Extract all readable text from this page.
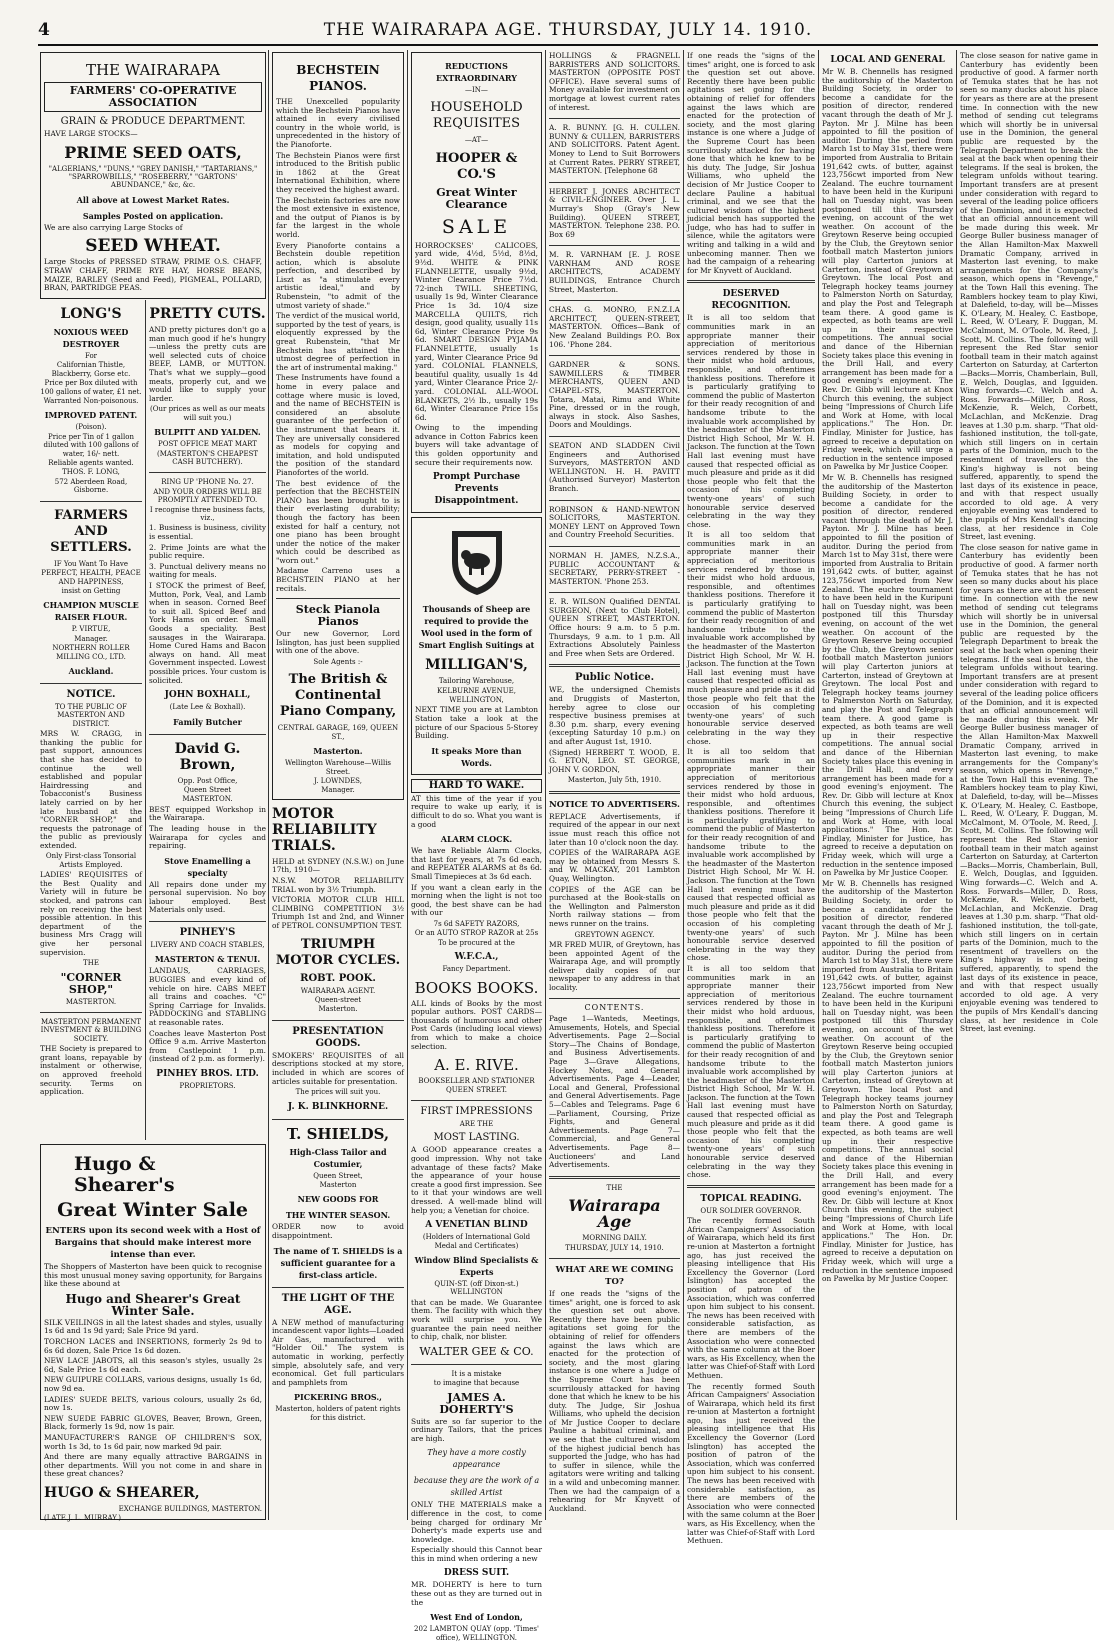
4	THE WAIRARAPA AGE. THURSDAY, JULY 14. 1910.
THE WAIRARAPA
FARMERS' CO-OPERATIVE ASSOCIATION
GRAIN & PRODUCE DEPARTMENT.
HAVE LARGE STOCKS—
PRIME SEED OATS,
"ALGERIANS," "DUNS," "GREY DANISH," "TARTARIANS," "SPARROWBILLS," "ROSEBERRY," "GARTONS' ABUNDANCE," &c, &c.
All above at Lowest Market Rates.
Samples Posted on application.
We are also carrying Large Stocks of
SEED WHEAT.
Large Stocks of PRESSED STRAW, PRIME O.S. CHAFF, STRAW CHAFF, PRIME RYE HAY, HORSE BEANS, MAIZE, BARLEY (Seed and Feed), PIGMEAL, POLLARD, BRAN, PARTRIDGE PEAS.
LONG'S
NOXIOUS WEED DESTROYER
For
Californian Thistle, Blackberry, Gorse etc.
Price per Box diluted with 100 gallons of water, £1 net.
Warranted Non-poisonous.
IMPROVED PATENT.
(Poison).
Price per Tin of 1 gallon diluted with 100 gallons of water, 16/- nett.
Reliable agents wanted.
THOS. F. LONG,
572 Aberdeen Road, Gisborne.
FARMERS AND SETTLERS.
IF You Want To Have
PERFECT, HEALTH, PEACE AND HAPPINESS,
insist on Getting
CHAMPION MUSCLE RAISER FLOUR.
P. VIRTUE,
Manager.
NORTHERN ROLLER MILLING CO., LTD.
Auckland.
NOTICE.
TO THE PUBLIC OF MASTERTON AND DISTRICT.
MRS W. CRAGG, in thanking the public for past support, announces that she has decided to continue the well established and popular Hairdressing and Tobacconist's Business lately carried on by her late husband at the "CORNER SHOP," and requests the patronage of the public as previously extended.
Only First-class Tonsorial Artists Employed.
LADIES' REQUISITES of the Best Quality and Variety will in future be stocked, and patrons can rely on receiving the best possible attention. In this department of the business Mrs Cragg will give her personal supervision.
THE
"CORNER SHOP,"
MASTERTON.
MASTERTON PERMANENT INVESTMENT & BUILDING SOCIETY.
THE Society is prepared to grant loans, repayable by instalment or otherwise, on approved freehold security. Terms on application.
PRETTY CUTS.
AND pretty pictures don't go a man much good if he's hungry—unless the pretty cuts are well selected cuts of choice BEEF, LAMB, or MUTTON. That's what we supply—good meats, properly cut, and we would like to supply your larder.
(Our prices as well as our meats will suit you.)
BULPITT AND YALDEN.
POST OFFICE MEAT MART
(MASTERTON'S CHEAPEST CASH BUTCHERY).
RING UP 'PHONE No. 27.
AND YOUR ORDERS WILL BE PROMPTLY ATTENDED TO.
I recognise three business facts, viz.,
1. Business is business, civility is essential.
2. Prime Joints are what the public require.
3. Punctual delivery means no waiting for meals.
I STOCK the primest of Beef, Mutton, Pork, Veal, and Lamb when in season. Corned Beef to suit all. Spiced Beef and York Hams on order. Small Goods a speciality. Best sausages in the Wairarapa. Home Cured Hams and Bacon always on hand. All meat Government inspected. Lowest possible prices. Your custom is solicited.
JOHN BOXHALL,
(Late Lee & Boxhall).
Family Butcher
David G. Brown,
Opp. Post Office,
Queen Street
MASTERTON.
BEST equipped Workshop in the Wairarapa.
The leading house in the Wairarapa for cycles and repairing.
Stove Enamelling a specialty
All repairs done under my personal supervision. No boy labour employed. Best Materials only used.
PINHEY'S
LIVERY AND COACH STABLES,
MASTERTON & TENUI.
LANDAUS, CARRIAGES, BUGGIES and every kind of vehicle on hire. CABS MEET all trains and coaches. "C" Spring Carriage for Invalids. PADDOCKING and STABLING at reasonable rates.
Coaches leave Masterton Post Office 9 a.m. Arrive Masterton from Castlepoint 1 p.m. (instead of 2 p.m. as formerly).
PINHEY BROS. LTD.
PROPRIETORS.
Hugo & Shearer's
Great Winter Sale
ENTERS upon its second week with a Host of Bargains that should make interest more intense than ever.
The Shoppers of Masterton have been quick to recognise this most unusual money saving opportunity, for Bargains like these abound at
Hugo and Shearer's Great Winter Sale.
SILK VEILINGS in all the latest shades and styles, usually 1s 6d and 1s 9d yard; Sale Price 9d yard.
TORCHON LACES and INSERTIONS, formerly 2s 9d to 6s 6d dozen, Sale Price 1s 6d dozen.
NEW LACE JABOTS, all this season's styles, usually 2s 6d, Sale Price 1s 6d each.
NEW GUIPURE COLLARS, various designs, usually 1s 6d, now 9d ea.
LADIES' SUEDE BELTS, various colours, usually 2s 6d, now 1s.
NEW SUEDE FABRIC GLOVES, Beaver, Brown, Green, Black, formerly 1s 9d, now 1s pair.
MANUFACTURER'S RANGE OF CHILDREN'S SOX, worth 1s 3d, to 1s 6d pair, now marked 9d pair.
And there are many equally attractive BARGAINS in other departments. Will you not come in and share in these great chances?
HUGO & SHEARER,
EXCHANGE BUILDINGS, MASTERTON.
(LATE J. L. MURRAY.)
BECHSTEIN PIANOS.
THE Unexcelled popularity which the Bechstein Pianos have attained in every civilised country in the whole world, is unprecedented in the history of the Pianoforte.
The Bechstein Pianos were first introduced to the British public in 1862 at the Great International Exhibition, where they received the highest award.
The Bechstein factories are now the most extensive in existence, and the output of Pianos is by far the largest in the whole world.
Every Pianoforte contains a Bechstein double repetition action, which is absolute perfection, and described by Liszt as "a stimulate every artistic ideal," and by Rubenstein, "to admit of the utmost variety of shade."
The verdict of the musical world, supported by the test of years, is eloquently expressed by the great Rubenstein, "that Mr Bechstein has attained the utmost degree of perfection in the art of instrumental making."
These Instruments have found a home in every palace and cottage where music is loved, and the name of BECHSTEIN is considered an absolute guarantee of the perfection of the instrument that bears it. They are universally considered as models for copying and imitation, and hold undisputed the position of the standard Pianofortes of the world.
The best evidence of the perfection that the BECHSTEIN PIANO has been brought to is their everlasting durability; though the factory has been existed for half a century, not one piano has been brought under the notice of the maker which could be described as "worn out."
Madame Carreno uses a BECHSTEIN PIANO at her recitals.
Steck Pianola Pianos
Our new Governor, Lord Islington, has just been supplied with one of the above.
Sole Agents :-
The British & Continental Piano Company,
CENTRAL GARAGE, 169, QUEEN ST.,
Masterton.
Wellington Warehouse—Willis Street.
J. LOWNDES,
Manager.
MOTOR RELIABILITY TRIALS.
HELD at SYDNEY (N.S.W.) on June 17th, 1910—
N.S.W. MOTOR RELIABILITY TRIAL won by 3½ Triumph.
VICTORIA MOTOR CLUB HILL CLIMBING COMPETITION 3½ Triumph 1st and 2nd, and Winner of PETROL CONSUMPTION TEST.
TRIUMPH MOTOR CYCLES.
ROBT. POOK.
WAIRARAPA AGENT.
Queen-street
Masterton.
PRESENTATION GOODS.
SMOKERS' REQUISITES of all descriptions stocked at my store, included in which are scores of articles suitable for presentation.
The prices will suit you.
J. K. BLINKHORNE.
T. SHIELDS,
High-Class Tailor and Costumier,
Queen Street,
Masterton
NEW GOODS FOR
THE WINTER SEASON.
ORDER now to avoid disappointment.
The name of T. SHIELDS is a sufficient guarantee for a first-class article.
THE LIGHT OF THE AGE.
A NEW method of manufacturing incandescent vapor lights—Loaded Air Gas, manufactured with "Holder Oil." The system is automatic in working, perfectly simple, absolutely safe, and very economical. Get full particulars and pamphlets from
PICKERING BROS.,
Masterton, holders of patent rights for this district.
REDUCTIONS EXTRAORDINARY
—IN—
HOUSEHOLD REQUISITES
—AT—
HOOPER & CO.'S
Great Winter Clearance
SALE
HORROCKSES' CALICOES, yard wide, 4½d, 5½d, 8½d, 9½d. WHITE & PINK FLANNELETTE, usually 9½d, Winter Clearance Price 7½d. 72-inch TWILL SHEETING, usually 1s 9d, Winter Clearance Price 1s 3d. 10/4 size MARCELLA QUILTS, rich design, good quality, usually 11s 6d, Winter Clearance Price 9s 6d. SMART DESIGN PYJAMA FLANNELETTE, usually 1s yard, Winter Clearance Price 9d yard. COLONIAL FLANNELS, beautiful quality, usually 1s 4d yard, Winter Clearance Price 2/- yard. COLONIAL ALL-WOOL BLANKETS, 2½ lb., usually 19s 6d, Winter Clearance Price 15s 6d.
Owing to the impending advance in Cotton Fabrics keen buyers will take advantage of this golden opportunity and secure their requirements now.
Prompt Purchase Prevents Disappointment.
Thousands of Sheep are required to provide the Wool used in the form of Smart English Suitings at
MILLIGAN'S,
Tailoring Warehouse,
KELBURNE AVENUE,
WELLINGTON,
NEXT TIME you are at Lambton Station take a look at the picture of our Spacious 5-Storey Building.
It speaks More than Words.
HARD TO WAKE.
AT this time of the year if you require to wake up early, it is difficult to do so. What you want is a good
ALARM CLOCK.
We have Reliable Alarm Clocks, that last for years, at 7s 6d each, and REPEATER ALARMS at 8s 6d. Small Timepieces at 3s 6d each.
If you want a clean early in the morning when the light is not too good, the best shave can be had with our
7s 6d SAFETY RAZORS,
Or an AUTO STROP RAZOR at 25s
To be procured at the
W.F.C.A.,
Fancy Department.
BOOKS BOOKS.
ALL kinds of Books by the most popular authors. POST CARDS—thousands of humorous and other Post Cards (including local views) from which to make a choice selection.
A. E. RIVE.
BOOKSELLER AND STATIONER QUEEN STREET.
FIRST IMPRESSIONS
ARE THE
MOST LASTING.
A GOOD appearance creates a good impression. Why not take advantage of these facts? Make the appearance of your house create a good first impression. See to it that your windows are well dressed. A well-made blind will help you; a Venetian for choice.
A VENETIAN BLIND
(Holders of International Gold Medal and Certificates)
Window Blind Specialists & Experts
QUIN-ST. (off Dixon-st.) WELLINGTON
that can be made. We Guarantee them. The facility with which they work will surprise you. We guarantee the pain need neither to chip, chalk, nor blister.
WALTER GEE & CO.
It is a mistake
to imagine that because
JAMES A. DOHERTY'S
Suits are so far superior to the ordinary Tailors, that the prices are high.
They have a more costly appearance
because they are the work of a skilled Artist
ONLY THE MATERIALS make a difference in the cost, to come being charged for ordinary Mr Doherty's made experts use and knowledge.
Especially should this Cannot bear this in mind when ordering a new
DRESS SUIT.
MR. DOHERTY is here to turn these out as they are turned out in the
West End of London,
202 LAMBTON QUAY (opp. 'Times' office), WELLINGTON.
HOLLINGS & FRAGNELL BARRISTERS AND SOLICITORS. MASTERTON (OPPOSITE POST OFFICE). Have several sums of Money available for investment on mortgage at lowest current rates of interest.
A. R. BUNNY. [G. H. CULLEN. BUNNY & CULLEN, BARRISTERS AND SOLICITORS. Patent Agent. Money to Lend to Suit Borrowers at Current Rates. PERRY STREET, MASTERTON. [Telephone 68
HERBERT J. JONES ARCHITECT & CIVIL-ENGINEER. Over J. L. Murray's Shop (Gray's New Building). QUEEN STREET, MASTERTON. Telephone 238. P.O. Box 69
M. R. VARNHAM [E. J. ROSE VARNHAM AND ROSE ARCHITECTS, ACADEMY BUILDINGS, Entrance Church Street, Masterton.
CHAS. G. MONRO, F.N.Z.I.A ARCHITECT, QUEEN-STREET, MASTERTON. Offices—Bank of New Zealand Buildings P.O. Box 106. 'Phone 284.
GARDNER & SONS. SAWMILLERS & TIMBER MERCHANTS, QUEEN AND CHAPEL-STS, MASTERTON. Totara, Matai, Rimu and White Pine, dressed or in the rough, always in stock. Also Sashes, Doors and Mouldings.
SEATON AND SLADDEN Civil Engineers and Authorised Surveyors, MASTERTON AND WELLINGTON. H. H. PAVITT (Authorised Surveyor) Masterton Branch.
ROBINSON & HAND-NEWTON SOLICITORS, MASTERTON. MONEY LENT on Approved Town and Country Freehold Securities.
NORMAN H. JAMES, N.Z.S.A., PUBLIC ACCOUNTANT & SECRETARY, PERRY-STREET - MASTERTON. 'Phone 253.
E. R. WILSON Qualified DENTAL SURGEON, (Next to Club Hotel), QUEEN STREET, MASTERTON. Office hours: 9 a.m. to 5 p.m. Thursdays, 9 a.m. to 1 p.m. All Extractions Absolutely Painless and Free when Sets are Ordered.
Public Notice.
WE, the undersigned Chemists and Druggists of Masterton, hereby agree to close our respective business premises at 8.30 p.m. sharp, every evening (excepting Saturday 10 p.m.) on and after August 1st, 1910.
(Signed) HERBERT T. WOOD, E. G. ETON, LEO. ST. GEORGE, JOHN V. GORDON,
Masterton, July 5th, 1910.
NOTICE TO ADVERTISERS.
REPLACE Advertisements, if required of the appear in our next issue must reach this office not later than 10 o'clock noon the day.
COPIES of the WAIRARAPA AGE may be obtained from Messrs S. and W. MACKAY, 201 Lambton Quay, Wellington.
COPIES of the AGE can be purchased at the Book-stalls on the Wellington and Palmerston North railway stations — from news runner on the trains.
GREYTOWN AGENCY.
MR FRED MUIR, of Greytown, has been appointed Agent of the Wairarapa Age, and will promptly deliver daily copies of our newspaper to any address in that locality.
CONTENTS.
Page 1—Wanteds, Meetings, Amusements, Hotels, and Special Advertisements. Page 2—Social Story—The Chains of Bondage, and Business Advertisements. Page 3—Grave Allegations, Hockey Notes, and General Advertisements. Page 4—Leader, Local and General, Professional and General Advertisements. Page 5—Cables and Telegrams. Page 6—Parliament, Coursing, Prize Fights, and General Advertisements. Page 7—Commercial, and General Advertisements. Page 8—Auctioneers' and Land Advertisements.
THE
Wairarapa Age
MORNING DAILY.
THURSDAY, JULY 14, 1910.
WHAT ARE WE COMING TO?
If one reads the "signs of the times" aright, one is forced to ask the question set out above. Recently there have been public agitations set going for the obtaining of relief for offenders against the laws which are enacted for the protection of society, and the most glaring instance is one where a Judge of the Supreme Court has been scurrilously attacked for having done that which he knew to be his duty. The Judge, Sir Joshua Williams, who upheld the decision of Mr Justice Cooper to declare Pauline a habitual criminal, and we see that the cultured wisdom of the highest judicial bench has supported the Judge, who has had to suffer in silence, while the agitators were writing and talking in a wild and unbecoming manner. Then we had the campaign of a rehearing for Mr Knyvett of Auckland.
If one reads the "signs of the times" aright, one is forced to ask the question set out above. Recently there have been public agitations set going for the obtaining of relief for offenders against the laws which are enacted for the protection of society, and the most glaring instance is one where a Judge of the Supreme Court has been scurrilously attacked for having done that which he knew to be his duty. The Judge, Sir Joshua Williams, who upheld the decision of Mr Justice Cooper to declare Pauline a habitual criminal, and we see that the cultured wisdom of the highest judicial bench has supported the Judge, who has had to suffer in silence, while the agitators were writing and talking in a wild and unbecoming manner. Then we had the campaign of a rehearing for Mr Knyvett of Auckland.
DESERVED RECOGNITION.
It is all too seldom that communities mark in an appropriate manner their appreciation of meritorious services rendered by those in their midst who hold arduous, responsible, and oftentimes thankless positions. Therefore it is particularly gratifying to commend the public of Masterton for their ready recognition of and handsome tribute to the invaluable work accomplished by the headmaster of the Masterton District High School, Mr W. H. Jackson. The function at the Town Hall last evening must have caused that respected official as much pleasure and pride as it did those people who felt that the occasion of his completing twenty-one years' of such honourable service deserved celebrating in the way they chose.
It is all too seldom that communities mark in an appropriate manner their appreciation of meritorious services rendered by those in their midst who hold arduous, responsible, and oftentimes thankless positions. Therefore it is particularly gratifying to commend the public of Masterton for their ready recognition of and handsome tribute to the invaluable work accomplished by the headmaster of the Masterton District High School, Mr W. H. Jackson. The function at the Town Hall last evening must have caused that respected official as much pleasure and pride as it did those people who felt that the occasion of his completing twenty-one years' of such honourable service deserved celebrating in the way they chose.
It is all too seldom that communities mark in an appropriate manner their appreciation of meritorious services rendered by those in their midst who hold arduous, responsible, and oftentimes thankless positions. Therefore it is particularly gratifying to commend the public of Masterton for their ready recognition of and handsome tribute to the invaluable work accomplished by the headmaster of the Masterton District High School, Mr W. H. Jackson. The function at the Town Hall last evening must have caused that respected official as much pleasure and pride as it did those people who felt that the occasion of his completing twenty-one years' of such honourable service deserved celebrating in the way they chose.
It is all too seldom that communities mark in an appropriate manner their appreciation of meritorious services rendered by those in their midst who hold arduous, responsible, and oftentimes thankless positions. Therefore it is particularly gratifying to commend the public of Masterton for their ready recognition of and handsome tribute to the invaluable work accomplished by the headmaster of the Masterton District High School, Mr W. H. Jackson. The function at the Town Hall last evening must have caused that respected official as much pleasure and pride as it did those people who felt that the occasion of his completing twenty-one years' of such honourable service deserved celebrating in the way they chose.
TOPICAL READING.
OUR SOLDIER GOVERNOR.
The recently formed South African Campaigners' Association of Wairarapa, which held its first re-union at Masterton a fortnight ago, has just received the pleasing intelligence that His Excellency the Governor (Lord Islington) has accepted the position of patron of the Association, which was conferred upon him subject to his consent. The news has been received with considerable satisfaction, as there are members of the Association who were connected with the same column at the Boer wars, as His Excellency, when the latter was Chief-of-Staff with Lord Methuen.
The recently formed South African Campaigners' Association of Wairarapa, which held its first re-union at Masterton a fortnight ago, has just received the pleasing intelligence that His Excellency the Governor (Lord Islington) has accepted the position of patron of the Association, which was conferred upon him subject to his consent. The news has been received with considerable satisfaction, as there are members of the Association who were connected with the same column at the Boer wars, as His Excellency, when the latter was Chief-of-Staff with Lord Methuen.
LOCAL AND GENERAL
Mr W. B. Chennells has resigned the auditorship of the Masterton Building Society, in order to become a candidate for the position of director, rendered vacant through the death of Mr J. Payton. Mr J. Milne has been appointed to fill the position of auditor. During the period from March 1st to May 31st, there were imported from Australia to Britain 191,642 cwts. of butter, against 123,756cwt imported from New Zealand. The euchre tournament to have been held in the Kuripuni hall on Tuesday night, was been postponed till this Thursday evening, on account of the wet weather. On account of the Greytown Reserve being occupied by the Club, the Greytown senior football match Masterton juniors will play Carterton juniors at Carterton, instead of Greytown at Greytown. The local Post and Telegraph hockey teams journey to Palmerston North on Saturday, and play the Post and Telegraph team there. A good game is expected, as both teams are well up in their respective competitions. The annual social and dance of the Hibernian Society takes place this evening in the Drill Hall, and every arrangement has been made for a good evening's enjoyment. The Rev. Dr. Gibb will lecture at Knox Church this evening, the subject being "Impressions of Church Life and Work at Home, with local applications." The Hon. Dr. Findlay, Minister for Justice, has agreed to receive a deputation on Friday week, which will urge a reduction in the sentence imposed on Pawelka by Mr Justice Cooper.
Mr W. B. Chennells has resigned the auditorship of the Masterton Building Society, in order to become a candidate for the position of director, rendered vacant through the death of Mr J. Payton. Mr J. Milne has been appointed to fill the position of auditor. During the period from March 1st to May 31st, there were imported from Australia to Britain 191,642 cwts. of butter, against 123,756cwt imported from New Zealand. The euchre tournament to have been held in the Kuripuni hall on Tuesday night, was been postponed till this Thursday evening, on account of the wet weather. On account of the Greytown Reserve being occupied by the Club, the Greytown senior football match Masterton juniors will play Carterton juniors at Carterton, instead of Greytown at Greytown. The local Post and Telegraph hockey teams journey to Palmerston North on Saturday, and play the Post and Telegraph team there. A good game is expected, as both teams are well up in their respective competitions. The annual social and dance of the Hibernian Society takes place this evening in the Drill Hall, and every arrangement has been made for a good evening's enjoyment. The Rev. Dr. Gibb will lecture at Knox Church this evening, the subject being "Impressions of Church Life and Work at Home, with local applications." The Hon. Dr. Findlay, Minister for Justice, has agreed to receive a deputation on Friday week, which will urge a reduction in the sentence imposed on Pawelka by Mr Justice Cooper.
Mr W. B. Chennells has resigned the auditorship of the Masterton Building Society, in order to become a candidate for the position of director, rendered vacant through the death of Mr J. Payton. Mr J. Milne has been appointed to fill the position of auditor. During the period from March 1st to May 31st, there were imported from Australia to Britain 191,642 cwts. of butter, against 123,756cwt imported from New Zealand. The euchre tournament to have been held in the Kuripuni hall on Tuesday night, was been postponed till this Thursday evening, on account of the wet weather. On account of the Greytown Reserve being occupied by the Club, the Greytown senior football match Masterton juniors will play Carterton juniors at Carterton, instead of Greytown at Greytown. The local Post and Telegraph hockey teams journey to Palmerston North on Saturday, and play the Post and Telegraph team there. A good game is expected, as both teams are well up in their respective competitions. The annual social and dance of the Hibernian Society takes place this evening in the Drill Hall, and every arrangement has been made for a good evening's enjoyment. The Rev. Dr. Gibb will lecture at Knox Church this evening, the subject being "Impressions of Church Life and Work at Home, with local applications." The Hon. Dr. Findlay, Minister for Justice, has agreed to receive a deputation on Friday week, which will urge a reduction in the sentence imposed on Pawelka by Mr Justice Cooper.
The close season for native game in Canterbury has evidently been productive of good. A farmer north of Temuka states that he has not seen so many ducks about his place for years as there are at the present time. In connection with the new method of sending cut telegrams which will shortly be in universal use in the Dominion, the general public are requested by the Telegraph Department to break the seal at the back when opening their telegrams. If the seal is broken, the telegram unfolds without tearing. Important transfers are at present under consideration with regard to several of the leading police officers of the Dominion, and it is expected that an official announcement will be made during this week. Mr George Buller business manager of the Allan Hamilton-Max Maxwell Dramatic Company, arrived in Masterton last evening, to make arrangements for the Company's season, which opens in "Revenge," at the Town Hall this evening. The Ramblers hockey team to play Kiwi, at Dalefield, to-day, will be—Misses K. O'Leary, M. Healey, C. Eastbope, L. Reed, W. O'Leary, F. Duggan, M. McCalmont, M. O'Toole, M. Reed, J. Scott, M. Collins. The following will represent the Red Star senior football team in their match against Carterton on Saturday, at Carterton—Backs—Morris, Chamberlain, Bull, E. Welch, Douglas, and Igguiden. Wing forwards—C. Welch and A. Ross. Forwards—Miller, D. Ross, McKenzie, R. Welch, Corbett, McLachlan, and McKenzie. Drag leaves at 1.30 p.m. sharp. "That old-fashioned institution, the toll-gate, which still lingers on in certain parts of the Dominion, much to the resentment of travellers on the King's highway is not being suffered, apparently, to spend the last days of its existence in peace, and with that respect usually accorded to old age. A very enjoyable evening was tendered to the pupils of Mrs Kendall's dancing class, at her residence in Cole Street, last evening.
The close season for native game in Canterbury has evidently been productive of good. A farmer north of Temuka states that he has not seen so many ducks about his place for years as there are at the present time. In connection with the new method of sending cut telegrams which will shortly be in universal use in the Dominion, the general public are requested by the Telegraph Department to break the seal at the back when opening their telegrams. If the seal is broken, the telegram unfolds without tearing. Important transfers are at present under consideration with regard to several of the leading police officers of the Dominion, and it is expected that an official announcement will be made during this week. Mr George Buller business manager of the Allan Hamilton-Max Maxwell Dramatic Company, arrived in Masterton last evening, to make arrangements for the Company's season, which opens in "Revenge," at the Town Hall this evening. The Ramblers hockey team to play Kiwi, at Dalefield, to-day, will be—Misses K. O'Leary, M. Healey, C. Eastbope, L. Reed, W. O'Leary, F. Duggan, M. McCalmont, M. O'Toole, M. Reed, J. Scott, M. Collins. The following will represent the Red Star senior football team in their match against Carterton on Saturday, at Carterton—Backs—Morris, Chamberlain, Bull, E. Welch, Douglas, and Igguiden. Wing forwards—C. Welch and A. Ross. Forwards—Miller, D. Ross, McKenzie, R. Welch, Corbett, McLachlan, and McKenzie. Drag leaves at 1.30 p.m. sharp. "That old-fashioned institution, the toll-gate, which still lingers on in certain parts of the Dominion, much to the resentment of travellers on the King's highway is not being suffered, apparently, to spend the last days of its existence in peace, and with that respect usually accorded to old age. A very enjoyable evening was tendered to the pupils of Mrs Kendall's dancing class, at her residence in Cole Street, last evening.
